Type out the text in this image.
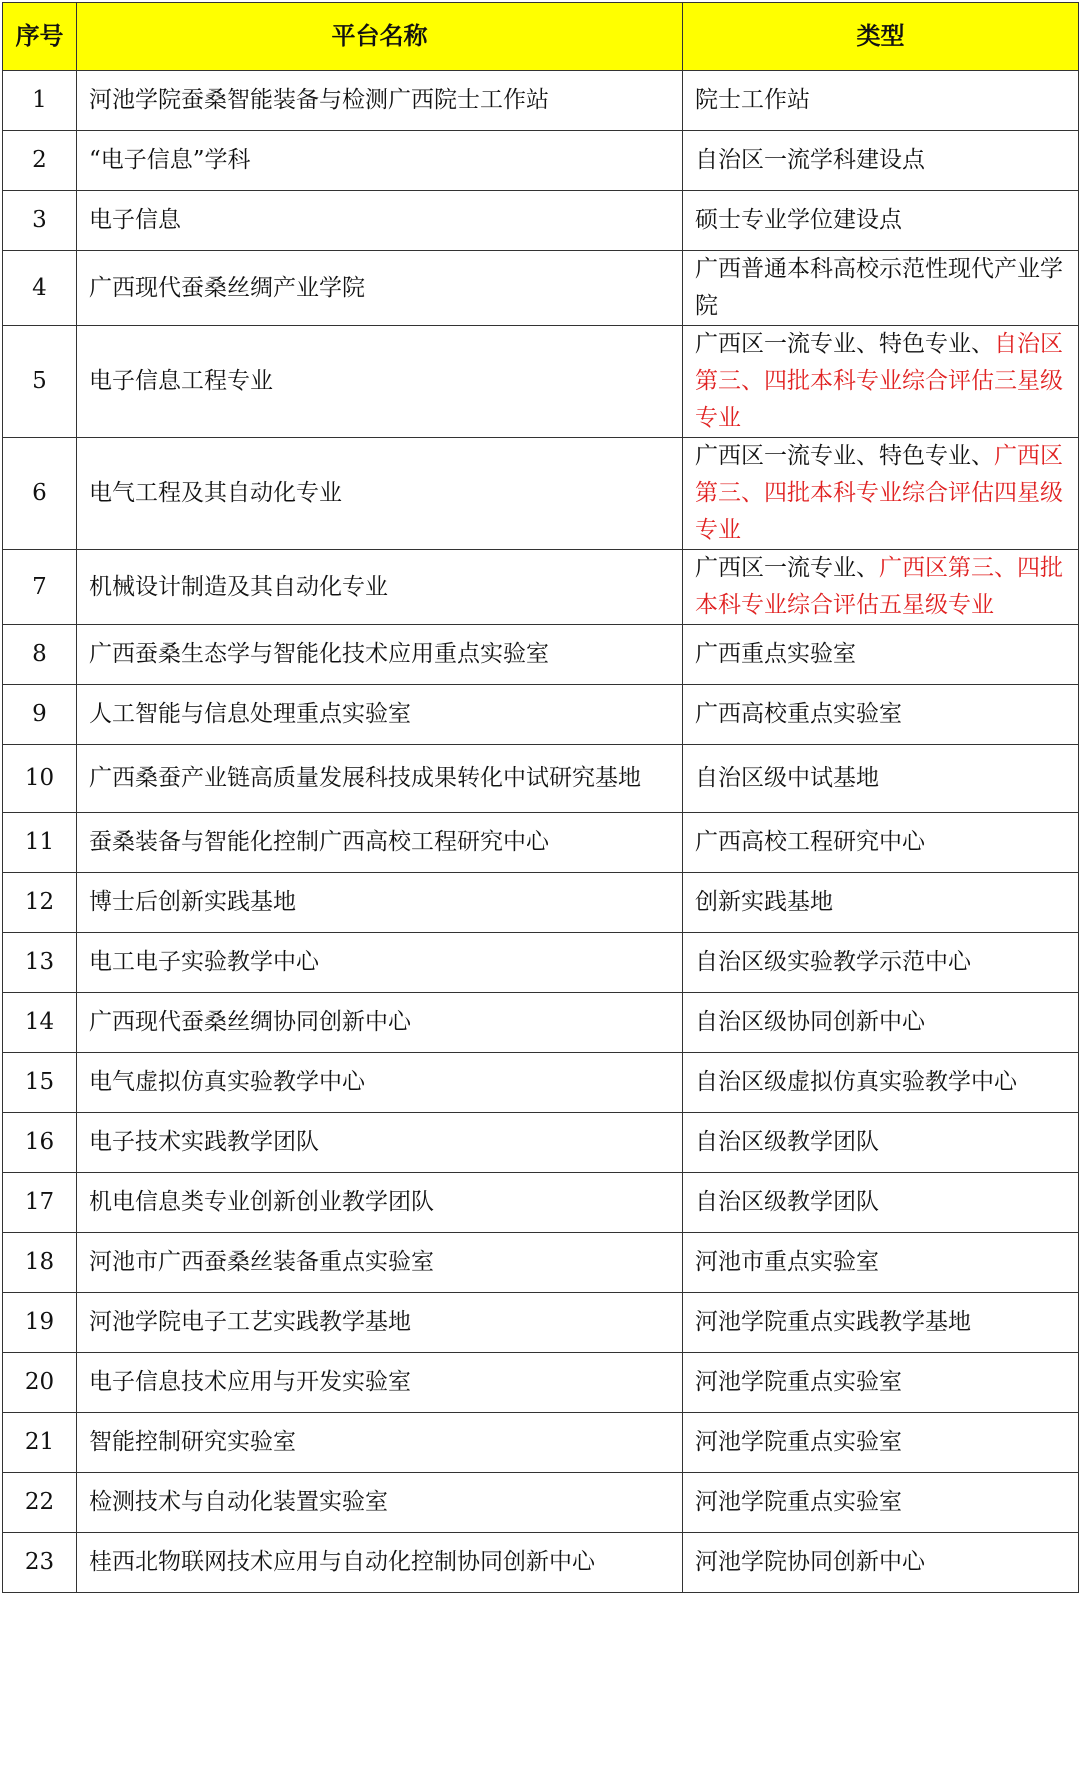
序号	平台名称	类型
1	河池学院蚕桑智能装备与检测广西院士工作站	院士工作站
2	“电子信息”学科	自治区一流学科建设点
3	电子信息	硕士专业学位建设点
4	广西现代蚕桑丝绸产业学院	广西普通本科高校示范性现代产业学院
5	电子信息工程专业	广西区一流专业、特色专业、自治区第三、四批本科专业综合评估三星级专业
6	电气工程及其自动化专业	广西区一流专业、特色专业、广西区第三、四批本科专业综合评估四星级专业
7	机械设计制造及其自动化专业	广西区一流专业、广西区第三、四批本科专业综合评估五星级专业
8	广西蚕桑生态学与智能化技术应用重点实验室	广西重点实验室
9	人工智能与信息处理重点实验室	广西高校重点实验室
10	广西桑蚕产业链高质量发展科技成果转化中试研究基地	自治区级中试基地
11	蚕桑装备与智能化控制广西高校工程研究中心	广西高校工程研究中心
12	博士后创新实践基地	创新实践基地
13	电工电子实验教学中心	自治区级实验教学示范中心
14	广西现代蚕桑丝绸协同创新中心	自治区级协同创新中心
15	电气虚拟仿真实验教学中心	自治区级虚拟仿真实验教学中心
16	电子技术实践教学团队	自治区级教学团队
17	机电信息类专业创新创业教学团队	自治区级教学团队
18	河池市广西蚕桑丝装备重点实验室	河池市重点实验室
19	河池学院电子工艺实践教学基地	河池学院重点实践教学基地
20	电子信息技术应用与开发实验室	河池学院重点实验室
21	智能控制研究实验室	河池学院重点实验室
22	检测技术与自动化装置实验室	河池学院重点实验室
23	桂西北物联网技术应用与自动化控制协同创新中心	河池学院协同创新中心
